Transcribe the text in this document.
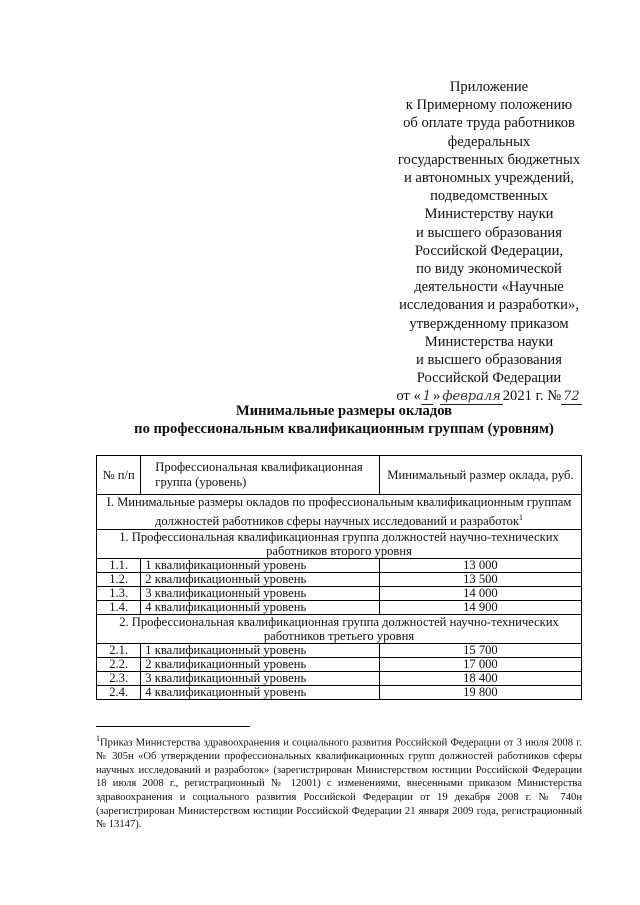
Приложение
к Примерному положению
об оплате труда работников
федеральных
государственных бюджетных
и автономных учреждений,
подведомственных
Министерству науки
и высшего образования
Российской Федерации,
по виду экономической
деятельности «Научные
исследования и разработки»,
утвержденному приказом
Министерства науки
и высшего образования
Российской Федерации
от « 1 » февраля 2021 г. № 72
Минимальные размеры окладов
по профессиональным квалификационным группам (уровням)
№ п/п	Профессиональная квалификационная группа (уровень)	Минимальный размер оклада, руб.
I. Минимальные размеры окладов по профессиональным квалификационным группам должностей работников сферы научных исследований и разработок$^1$
1. Профессиональная квалификационная группа должностей научно-технических работников второго уровня		
1.1.	1 квалификационный уровень	13 000
1.2.	2 квалификационный уровень	13 500
1.3.	3 квалификационный уровень	14 000
1.4.	4 квалификационный уровень	14 900
2. Профессиональная квалификационная группа должностей научно-технических работников третьего уровня		
2.1.	1 квалификационный уровень	15 700
2.2.	2 квалификационный уровень	17 000
2.3.	3 квалификационный уровень	18 400
2.4.	4 квалификационный уровень	19 800
$^1$Приказ Министерства здравоохранения и социального развития Российской Федерации от 3 июля 2008 г. № 305н «Об утверждении профессиональных квалификационных групп должностей работников сферы научных исследований и разработок» (зарегистрирован Министерством юстиции Российской Федерации 18 июля 2008 г., регистрационный № 12001) с изменениями, внесенными приказом Министерства здравоохранения и социального развития Российской Федерации от 19 декабря 2008 г. № 740н (зарегистрирован Министерством юстиции Российской Федерации 21 января 2009 года, регистрационный № 13147).
